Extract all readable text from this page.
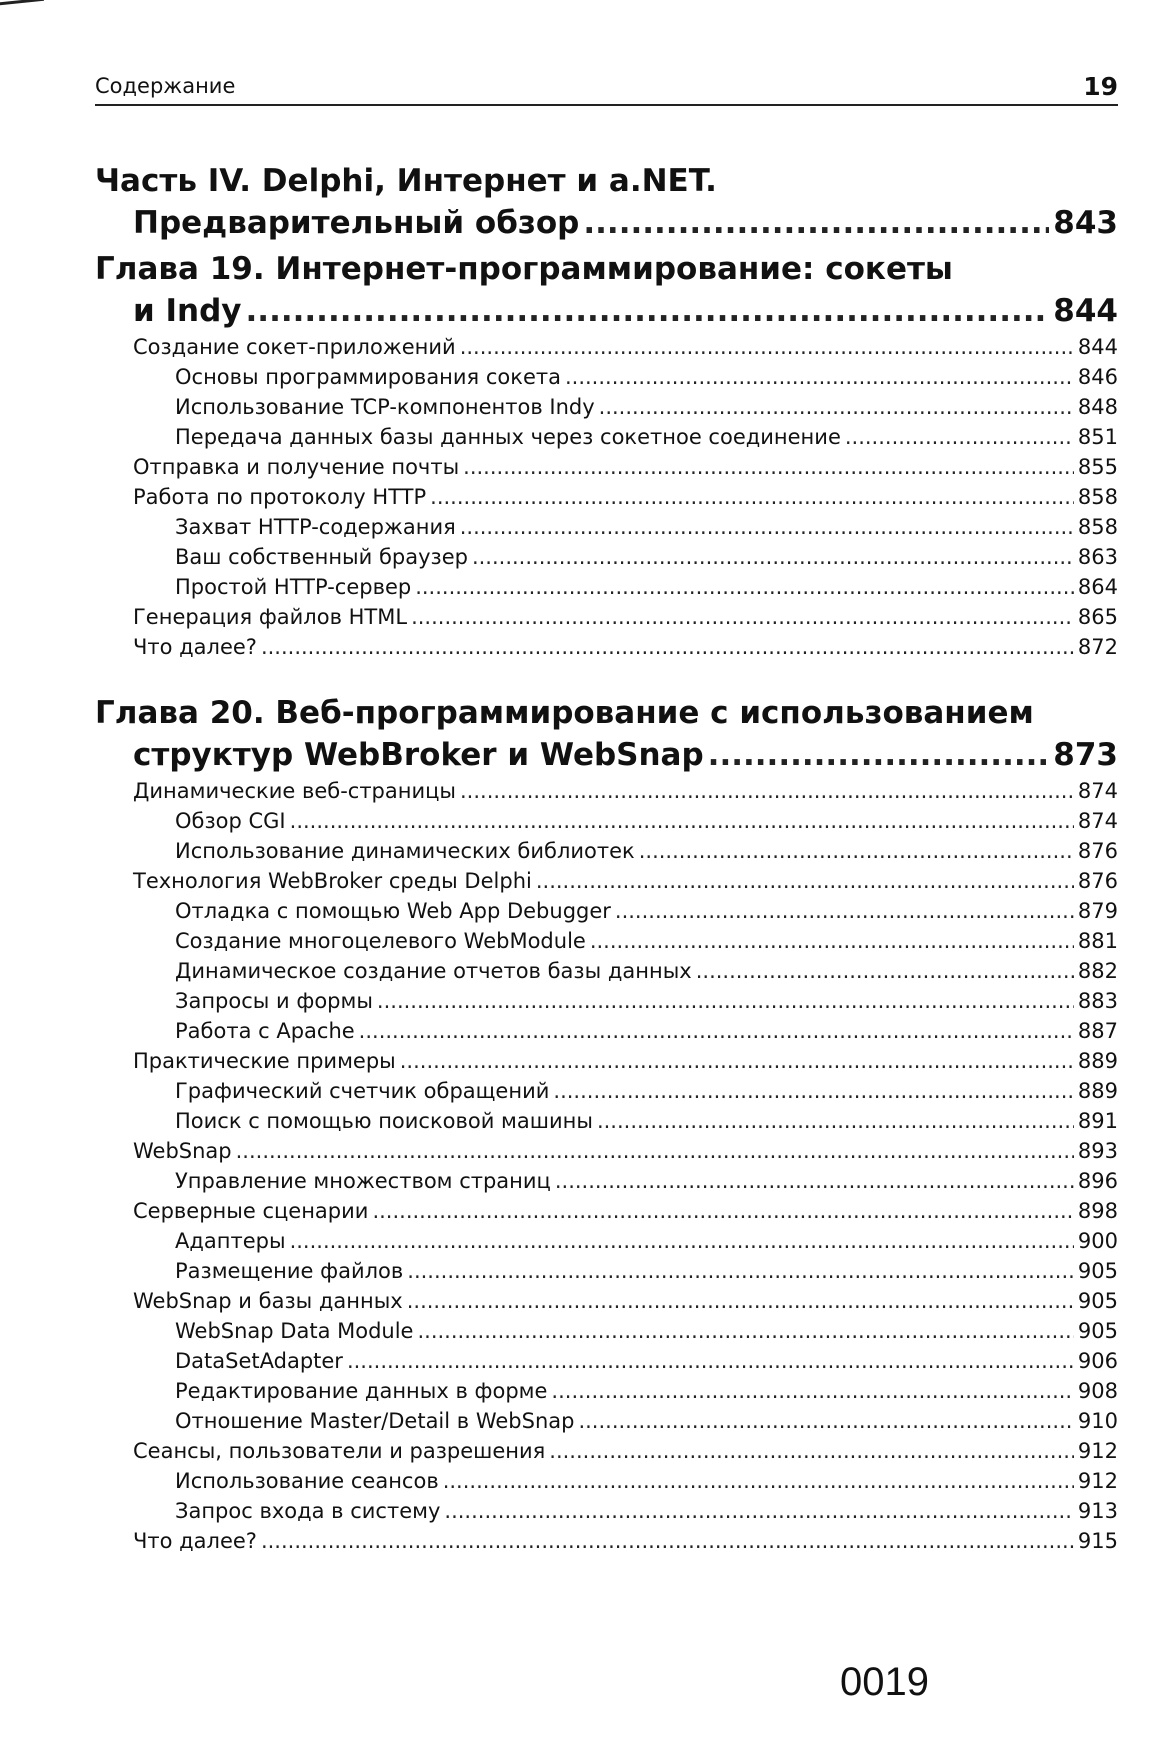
Содержание	19
Часть IV. Delphi, Интернет и a.NET.
Предварительный обзор .....	843
Глава 19. Интернет-программирование: сокеты
и Indy .....	844
Создание сокет-приложений .....	844
Основы программирования сокета .....	846
Использование TCP-компонентов Indy .....	848
Передача данных базы данных через сокетное соединение .....	851
Отправка и получение почты .....	855
Работа по протоколу HTTP .....	858
Захват HTTP-содержания .....	858
Ваш собственный браузер .....	863
Простой HTTP-сервер .....	864
Генерация файлов HTML .....	865
Что далее? .....	872
Глава 20. Веб-программирование с использованием
структур WebBroker и WebSnap .....	873
Динамические веб-страницы .....	874
Обзор CGI .....	874
Использование динамических библиотек .....	876
Технология WebBroker среды Delphi .....	876
Отладка с помощью Web App Debugger .....	879
Создание многоцелевого WebModule .....	881
Динамическое создание отчетов базы данных .....	882
Запросы и формы .....	883
Работа с Apache .....	887
Практические примеры .....	889
Графический счетчик обращений .....	889
Поиск с помощью поисковой машины .....	891
WebSnap .....	893
Управление множеством страниц .....	896
Серверные сценарии .....	898
Адаптеры .....	900
Размещение файлов .....	905
WebSnap и базы данных .....	905
WebSnap Data Module .....	905
DataSetAdapter .....	906
Редактирование данных в форме .....	908
Отношение Master/Detail в WebSnap .....	910
Сеансы, пользователи и разрешения .....	912
Использование сеансов .....	912
Запрос входа в систему .....	913
Что далее? .....	915
0019
